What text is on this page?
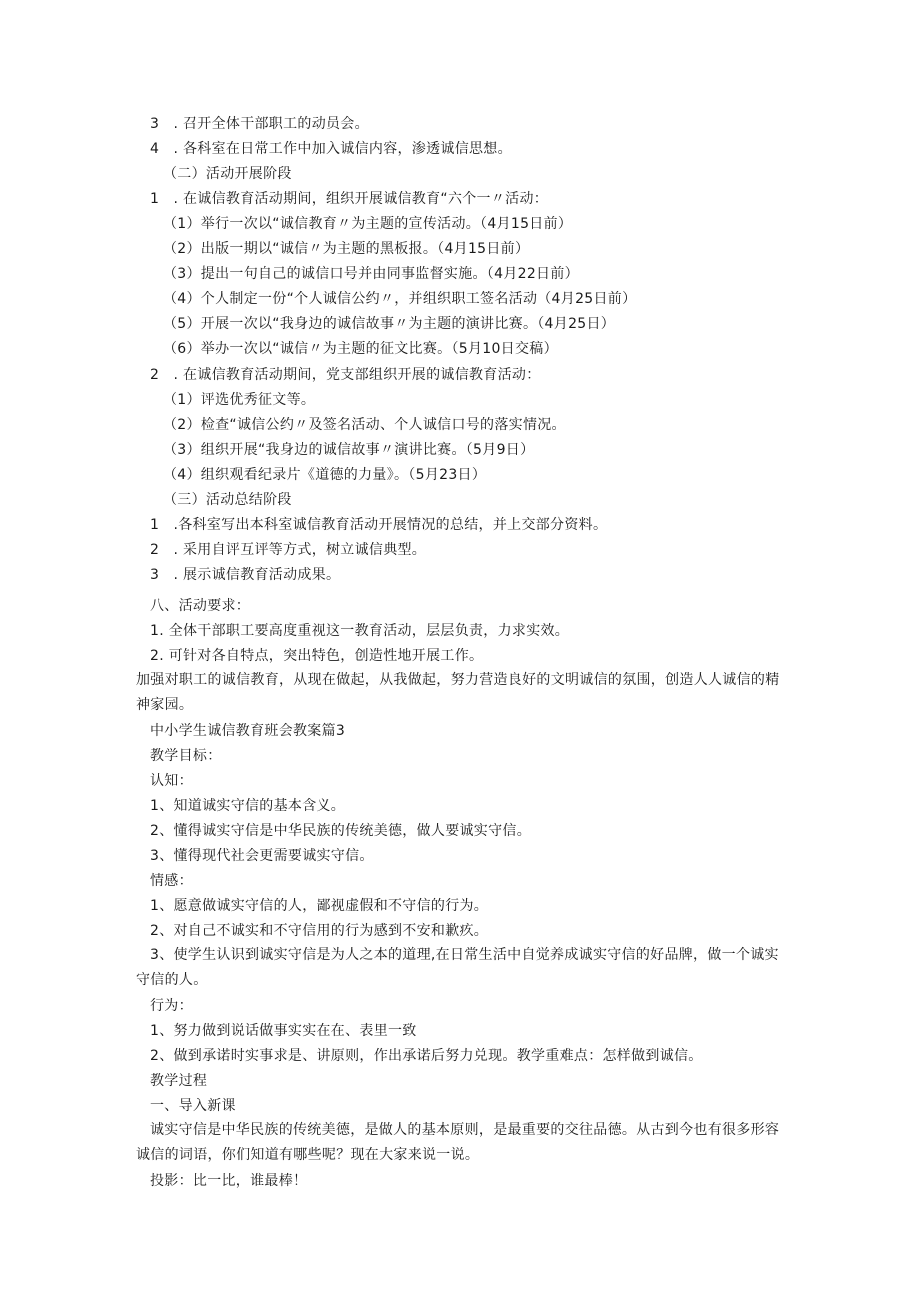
3　. 召开全体干部职工的动员会。
4　. 各科室在日常工作中加入诚信内容，渗透诚信思想。
（二）活动开展阶段
1　. 在诚信教育活动期间，组织开展诚信教育“六个一〃活动：
（1）举行一次以“诚信教育〃为主题的宣传活动。（4月15日前）
（2）出版一期以“诚信〃为主题的黑板报。（4月15日前）
（3）提出一句自己的诚信口号并由同事监督实施。（4月22日前）
（4）个人制定一份“个人诚信公约〃，并组织职工签名活动（4月25日前）
（5）开展一次以“我身边的诚信故事〃为主题的演讲比赛。（4月25日）
（6）举办一次以“诚信〃为主题的征文比赛。（5月10日交稿）
2　. 在诚信教育活动期间，党支部组织开展的诚信教育活动：
（1）评选优秀征文等。
（2）检查“诚信公约〃及签名活动、个人诚信口号的落实情况。
（3）组织开展“我身边的诚信故事〃演讲比赛。（5月9日）
（4）组织观看纪录片《道德的力量》。（5月23日）
（三）活动总结阶段
1　.各科室写出本科室诚信教育活动开展情况的总结，并上交部分资料。
2　. 采用自评互评等方式，树立诚信典型。
3　. 展示诚信教育活动成果。
八、活动要求：
1. 全体干部职工要高度重视这一教育活动，层层负责，力求实效。
2. 可针对各自特点，突出特色，创造性地开展工作。
加强对职工的诚信教育，从现在做起，从我做起，努力营造良好的文明诚信的氛围，创造人人诚信的精神家园。
中小学生诚信教育班会教案篇3
教学目标：
认知：
1、知道诚实守信的基本含义。
2、懂得诚实守信是中华民族的传统美德，做人要诚实守信。
3、懂得现代社会更需要诚实守信。
情感：
1、愿意做诚实守信的人，鄙视虚假和不守信的行为。
2、对自己不诚实和不守信用的行为感到不安和歉疚。
3、使学生认识到诚实守信是为人之本的道理,在日常生活中自觉养成诚实守信的好品牌，做一个诚实守信的人。
行为：
1、努力做到说话做事实实在在、表里一致
2、做到承诺时实事求是、讲原则，作出承诺后努力兑现。教学重难点：怎样做到诚信。
教学过程
一、导入新课
诚实守信是中华民族的传统美德，是做人的基本原则，是最重要的交往品德。从古到今也有很多形容诚信的词语，你们知道有哪些呢？现在大家来说一说。
投影：比一比，谁最棒！
